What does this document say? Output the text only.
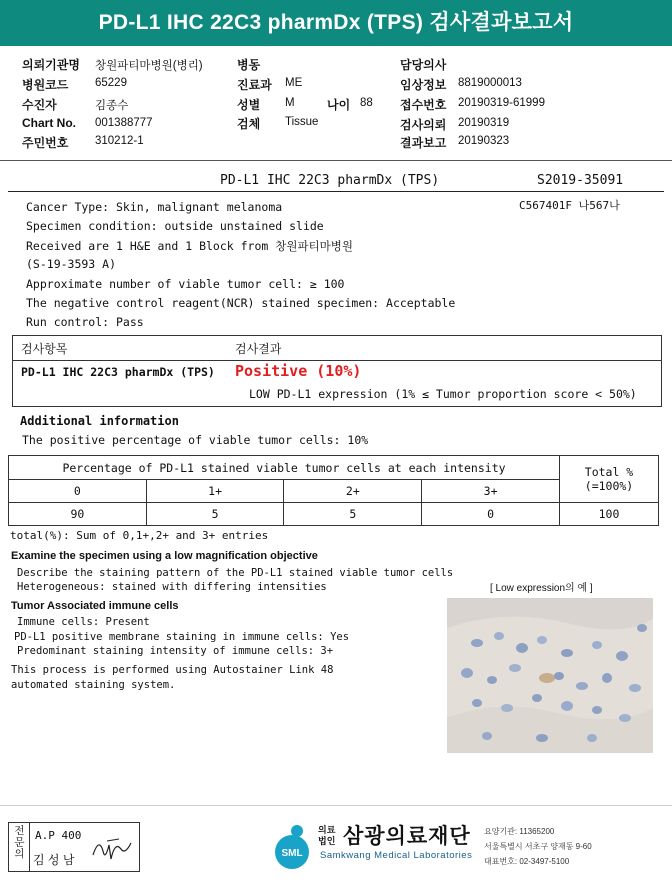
PD-L1 IHC 22C3 pharmDx (TPS) 검사결과보고서
의뢰기관명 창원파티마병원(병리)
병원코드 65229
수진자	김종수
Chart No. 001388777
주민번호 310212-1
병동
진료과 ME
성별 M	나이 88
검체 Tissue
담당의사
임상정보 8819000013
접수번호 20190319-61999
검사의뢰 20190319
결과보고 20190323
PD-L1 IHC 22C3 pharmDx (TPS)	S2019-35091
C567401F 나567나
Cancer Type: Skin, malignant melanoma
Specimen condition: outside unstained slide
Received are 1 H&E and 1 Block from 창원파티마병원
(S-19-3593 A)
Approximate number of viable tumor cell: ≥ 100
The negative control reagent(NCR) stained specimen: Acceptable
Run control: Pass
검사항목	검사결과
PD-L1 IHC 22C3 pharmDx (TPS) Positive (10%)
LOW PD-L1 expression (1% ≤ Tumor proportion score < 50%)
Additional information
The positive percentage of viable tumor cells: 10%
Percentage of PD-L1 stained viable tumor cells at each intensity				Total %
(=100%)

0	1+	2+	3+	
90	5	5	0	100
total(%): Sum of 0,1+,2+ and 3+ entries
Examine the specimen using a low magnification objective
Describe the staining pattern of the PD-L1 stained viable tumor cells
Heterogeneous: stained with differing intensities	[ Low expression의 예 ]
Tumor Associated immune cells
Immune cells: Present
PD-L1 positive membrane staining in immune cells: Yes
Predominant staining intensity of immune cells: 3+
This process is performed using Autostainer Link 48
automated staining system.
전문의 A.P 400
김 성 남	SML
의료
법인 삼광의료재단
Samkwang Medical Laboratories
요양기관: 11365200
서울특별시 서초구 양재동 9-60
대표번호: 02-3497-5100
